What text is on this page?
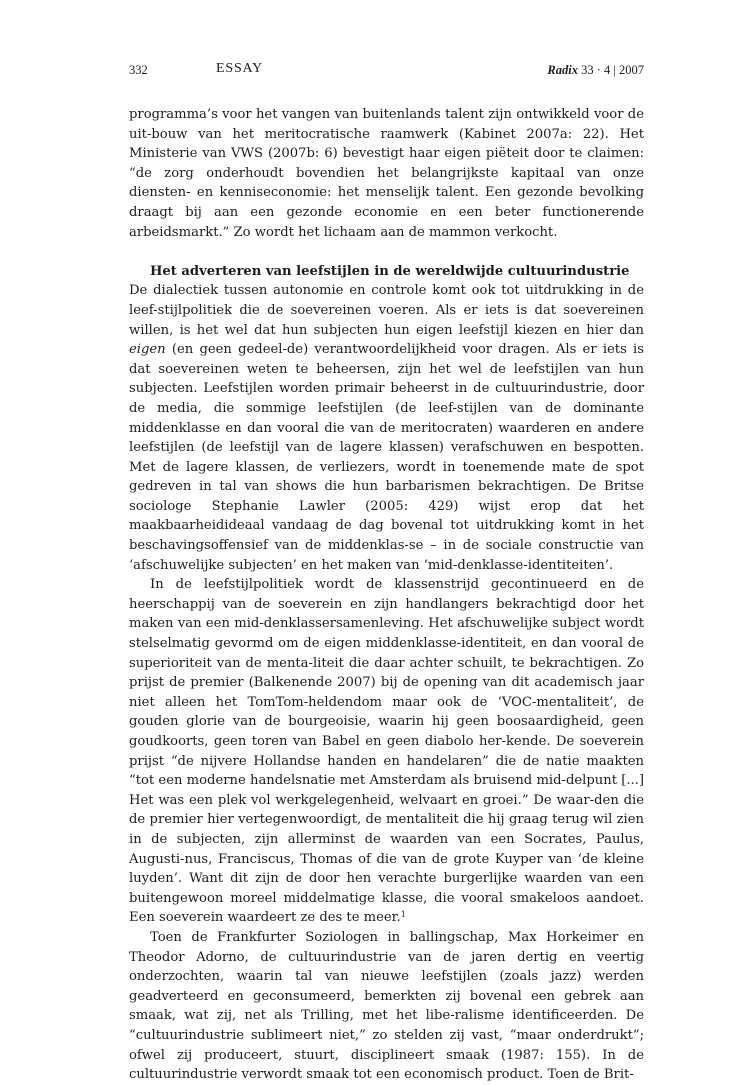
332	ESSAY	Radix 33 · 4 | 2007

programma’s voor het vangen van buitenlands talent zijn ontwikkeld voor de uit-bouw van het meritocratische raamwerk (Kabinet 2007a: 22). Het Ministerie van VWS (2007b: 6) bevestigt haar eigen piëteit door te claimen: “de zorg onderhoudt bovendien het belangrijkste kapitaal van onze diensten- en kenniseconomie: het menselijk talent. Een gezonde bevolking draagt bij aan een gezonde economie en een beter functionerende arbeidsmarkt.” Zo wordt het lichaam aan de mammon verkocht.

Het adverteren van leefstijlen in de wereldwijde cultuurindustrie

De dialectiek tussen autonomie en controle komt ook tot uitdrukking in de leef-stijlpolitiek die de soevereinen voeren. Als er iets is dat soevereinen willen, is het wel dat hun subjecten hun eigen leefstijl kiezen en hier dan eigen (en geen gedeel-de) verantwoordelijkheid voor dragen. Als er iets is dat soevereinen weten te beheersen, zijn het wel de leefstijlen van hun subjecten. Leefstijlen worden primair beheerst in de cultuurindustrie, door de media, die sommige leefstijlen (de leef-stijlen van de dominante middenklasse en dan vooral die van de meritocraten) waarderen en andere leefstijlen (de leefstijl van de lagere klassen) verafschuwen en bespotten. Met de lagere klassen, de verliezers, wordt in toenemende mate de spot gedreven in tal van shows die hun barbarismen bekrachtigen. De Britse sociologe Stephanie Lawler (2005: 429) wijst erop dat het maakbaarheidideaal vandaag de dag bovenal tot uitdrukking komt in het beschavingsoffensief van de middenklas-se – in de sociale constructie van ‘afschuwelijke subjecten’ en het maken van ‘mid-denklasse-identiteiten’.

In de leefstijlpolitiek wordt de klassenstrijd gecontinueerd en de heerschappij van de soeverein en zijn handlangers bekrachtigd door het maken van een mid-denklassersamenleving. Het afschuwelijke subject wordt stelselmatig gevormd om de eigen middenklasse-identiteit, en dan vooral de superioriteit van de menta-liteit die daar achter schuilt, te bekrachtigen. Zo prijst de premier (Balkenende 2007) bij de opening van dit academisch jaar niet alleen het TomTom-heldendom maar ook de ‘VOC-mentaliteit’, de gouden glorie van de bourgeoisie, waarin hij geen boosaardigheid, geen goudkoorts, geen toren van Babel en geen diabolo her-kende. De soeverein prijst “de nijvere Hollandse handen en handelaren” die de natie maakten “tot een moderne handelsnatie met Amsterdam als bruisend mid-delpunt [...] Het was een plek vol werkgelegenheid, welvaart en groei.” De waar-den die de premier hier vertegenwoordigt, de mentaliteit die hij graag terug wil zien in de subjecten, zijn allerminst de waarden van een Socrates, Paulus, Augusti-nus, Franciscus, Thomas of die van de grote Kuyper van ‘de kleine luyden’. Want dit zijn de door hen verachte burgerlijke waarden van een buitengewoon moreel middelmatige klasse, die vooral smakeloos aandoet. Een soeverein waardeert ze des te meer.$^1$

Toen de Frankfurter Soziologen in ballingschap, Max Horkeimer en Theodor Adorno, de cultuurindustrie van de jaren dertig en veertig onderzochten, waarin tal van nieuwe leefstijlen (zoals jazz) werden geadverteerd en geconsumeerd, bemerkten zij bovenal een gebrek aan smaak, wat zij, net als Trilling, met het libe-ralisme identificeerden. De “cultuurindustrie sublimeert niet,” zo stelden zij vast, “maar onderdrukt”; ofwel zij produceert, stuurt, disciplineert smaak (1987: 155). In de cultuurindustrie verwordt smaak tot een economisch product. Toen de Brit-
